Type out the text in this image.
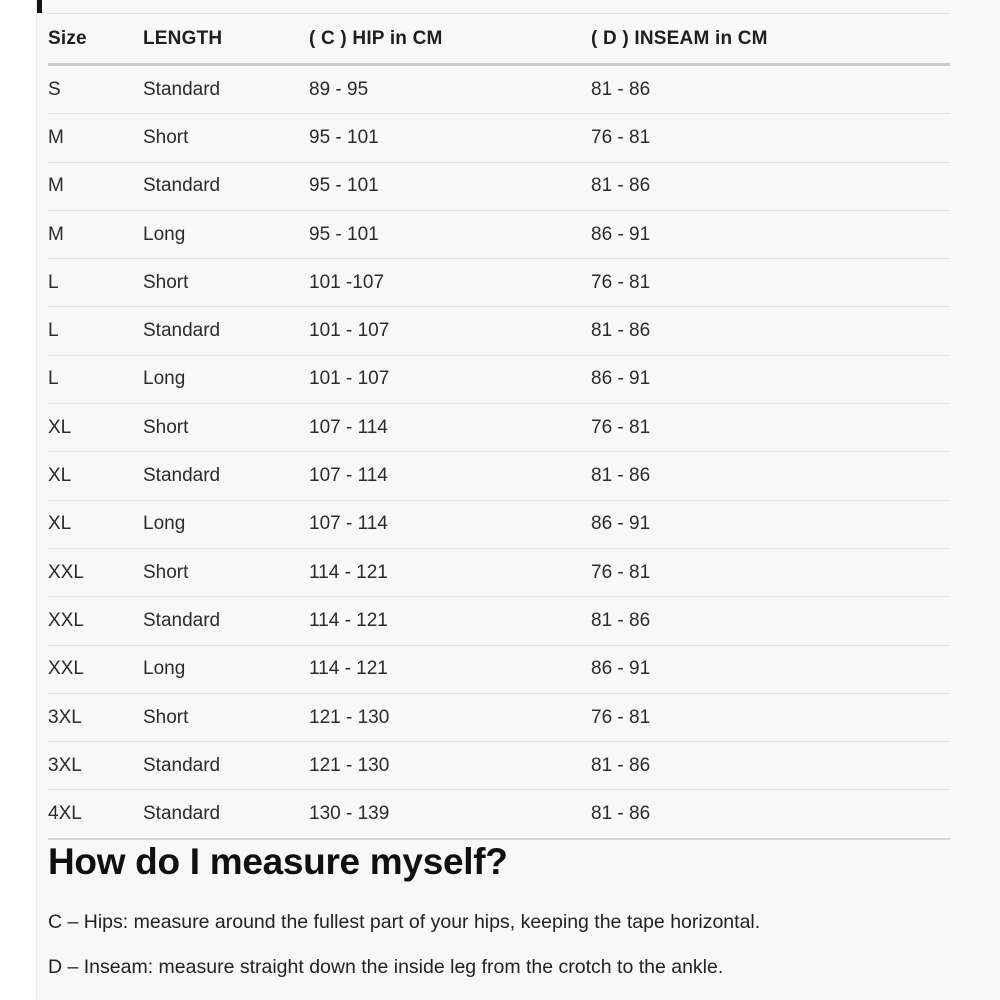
Size	LENGTH	( C ) HIP in CM	( D ) INSEAM in CM
S	Standard	89 - 95	81 - 86
M	Short	95 - 101	76 - 81
M	Standard	95 - 101	81 - 86
M	Long	95 - 101	86 - 91
L	Short	101 -107	76 - 81
L	Standard	101 - 107	81 - 86
L	Long	101 - 107	86 - 91
XL	Short	107 - 114	76 - 81
XL	Standard	107 - 114	81 - 86
XL	Long	107 - 114	86 - 91
XXL	Short	114 - 121	76 - 81
XXL	Standard	114 - 121	81 - 86
XXL	Long	114 - 121	86 - 91
3XL	Short	121 - 130	76 - 81
3XL	Standard	121 - 130	81 - 86
4XL	Standard	130 - 139	81 - 86
How do I measure myself?

C – Hips: measure around the fullest part of your hips, keeping the tape horizontal.

D – Inseam: measure straight down the inside leg from the crotch to the ankle.
